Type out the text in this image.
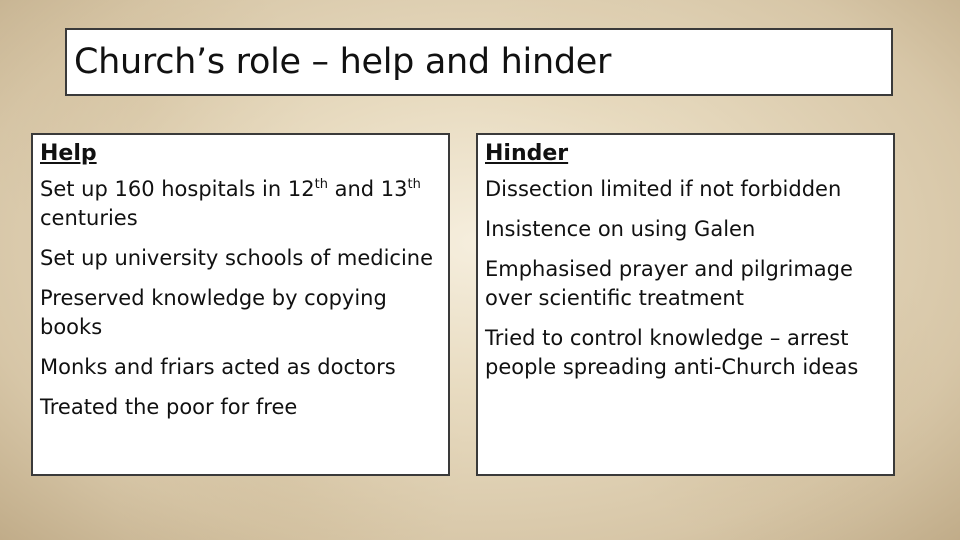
Church’s role – help and hinder
Help
Set up 160 hospitals in 12th and 13th centuries
Set up university schools of medicine
Preserved knowledge by copying books
Monks and friars acted as doctors
Treated the poor for free
Hinder
Dissection limited if not forbidden
Insistence on using Galen
Emphasised prayer and pilgrimage over scientific treatment
Tried to control knowledge – arrest people spreading anti-Church ideas
